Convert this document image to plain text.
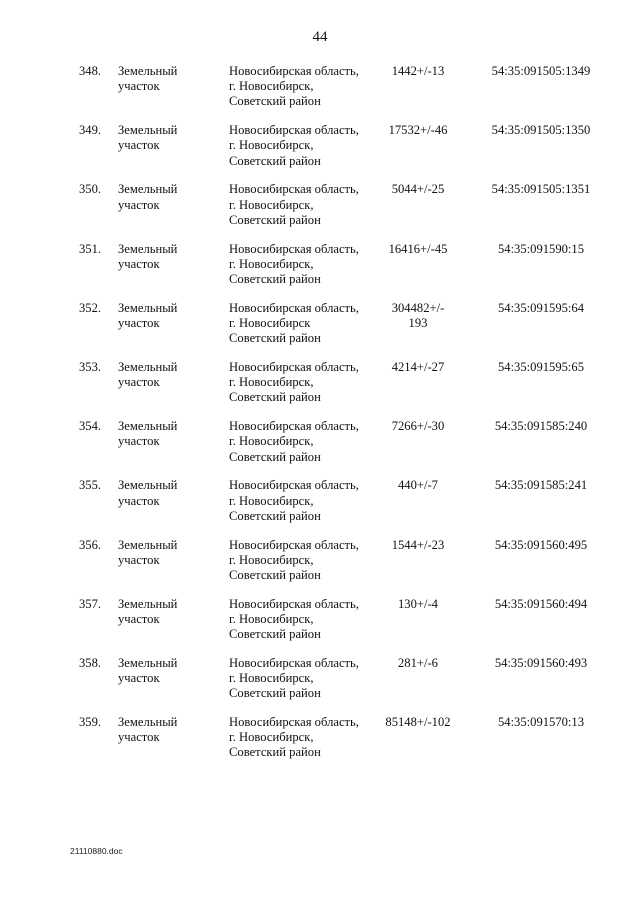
44
348.	Земельный
участок
Новосибирская область,
г. Новосибирск,
Советский район
1442+/-13	54:35:091505:1349
349.	Земельный
участок
Новосибирская область,
г. Новосибирск,
Советский район
17532+/-46	54:35:091505:1350
350.	Земельный
участок
Новосибирская область,
г. Новосибирск,
Советский район
5044+/-25	54:35:091505:1351
351.	Земельный
участок
Новосибирская область,
г. Новосибирск,
Советский район
16416+/-45	54:35:091590:15
352.	Земельный
участок
Новосибирская область,
г. Новосибирск
Советский район
304482+/-
193
54:35:091595:64
353.	Земельный
участок
Новосибирская область,
г. Новосибирск,
Советский район
4214+/-27	54:35:091595:65
354.	Земельный
участок
Новосибирская область,
г. Новосибирск,
Советский район
7266+/-30	54:35:091585:240
355.	Земельный
участок
Новосибирская область,
г. Новосибирск,
Советский район
440+/-7	54:35:091585:241
356.	Земельный
участок
Новосибирская область,
г. Новосибирск,
Советский район
1544+/-23	54:35:091560:495
357.	Земельный
участок
Новосибирская область,
г. Новосибирск,
Советский район
130+/-4	54:35:091560:494
358.	Земельный
участок
Новосибирская область,
г. Новосибирск,
Советский район
281+/-6	54:35:091560:493
359.	Земельный
участок
Новосибирская область,
г. Новосибирск,
Советский район
85148+/-102	54:35:091570:13
21110880.doc
